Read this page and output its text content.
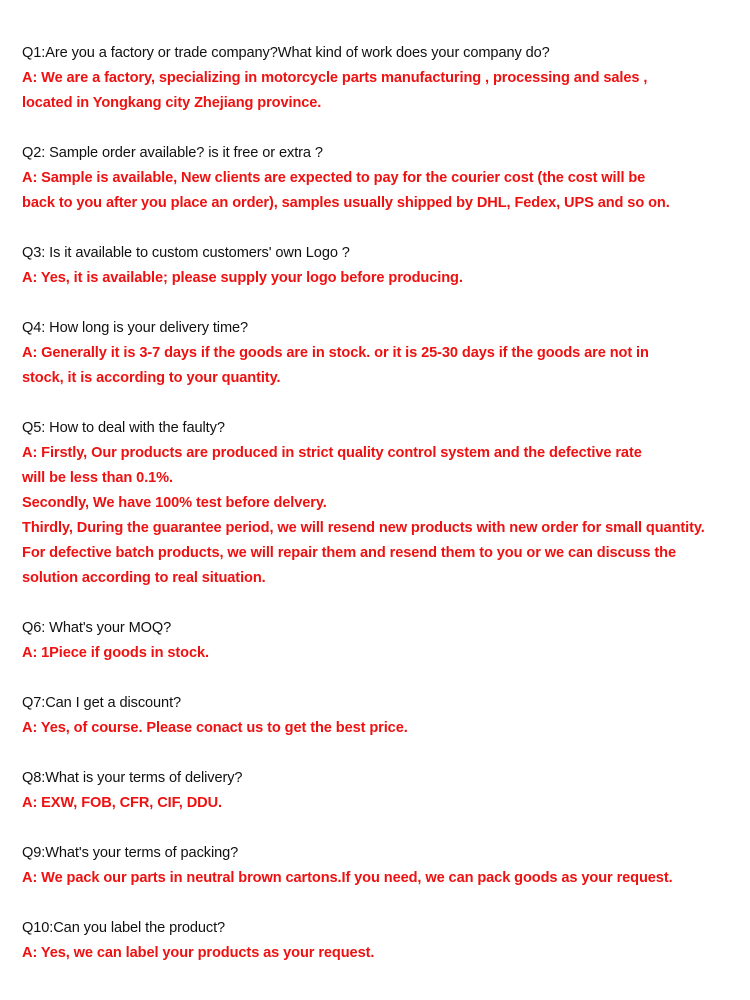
Q1:Are you a factory or trade company?What kind of work does your company do?
A: We are a factory, specializing in motorcycle parts manufacturing , processing and sales ,
located in Yongkang city Zhejiang province.
Q2: Sample order available? is it free or extra ?
A: Sample is available, New clients are expected to pay for the courier cost (the cost will be
back to you after you place an order), samples usually shipped by DHL, Fedex, UPS and so on.
Q3: Is it available to custom customers' own Logo ?
A: Yes, it is available; please supply your logo before producing.
Q4: How long is your delivery time?
A: Generally it is 3-7 days if the goods are in stock. or it is 25-30 days if the goods are not in
stock, it is according to your quantity.
Q5: How to deal with the faulty?
A: Firstly, Our products are produced in strict quality control system and the defective rate
will be less than 0.1%.
Secondly, We have 100% test before delvery.
Thirdly, During the guarantee period, we will resend new products with new order for small quantity.
For defective batch products, we will repair them and resend them to you or we can discuss the
solution according to real situation.
Q6: What's your MOQ?
A: 1Piece if goods in stock.
Q7:Can I get a discount?
A: Yes, of course. Please conact us to get the best price.
Q8:What is your terms of delivery?
A: EXW, FOB, CFR, CIF, DDU.
Q9:What's your terms of packing?
A: We pack our parts in neutral brown cartons.If you need, we can pack goods as your request.
Q10:Can you label the product?
A: Yes, we can label your products as your request.
